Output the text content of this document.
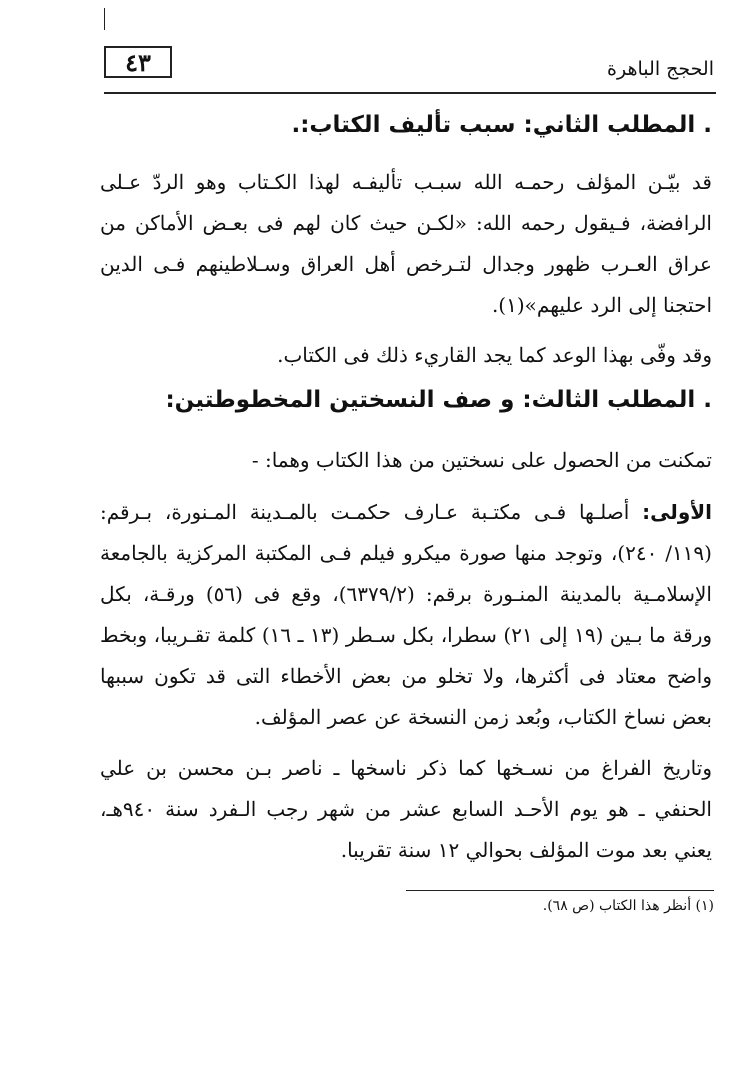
٤٣	الحجج الباهرة
. المطلب الثاني: سبب تأليف الكتاب:.

قد بيّـن المؤلف رحمـه الله سبـب تأليفـه لهذا الكـتاب وهو الردّ عـلى الرافضة، فـيقول رحمه الله: «لكـن حيث كان لهم فى بعـض الأماكن من عراق العـرب ظهور وجدال لتـرخص أهل العراق وسـلاطينهم فـى الدين احتجنا إلى الرد عليهم»(١).

وقد وفّى بهذا الوعد كما يجد القاريء ذلك فى الكتاب.

. المطلب الثالث: و صف النسختين المخطوطتين:

تمكنت من الحصول على نسختين من هذا الكتاب وهما: -

الأولى: أصلـها فـى مكتـبة عـارف حكمـت بالمـدينة المـنورة، بـرقم: (١١٩/ ٢٤٠)، وتوجد منها صورة ميكرو فيلم فـى المكتبة المركزية بالجامعة الإسلامـية بالمدينة المنـورة برقم: (٦٣٧٩/٢)، وقع فى (٥٦) ورقـة، بكل ورقة ما بـين (١٩ إلى ٢١) سطرا، بكل سـطر (١٣ ـ ١٦) كلمة تقـريبا، وبخط واضح معتاد فى أكثرها، ولا تخلو من بعض الأخطاء التى قد تكون سببها بعض نساخ الكتاب، وبُعد زمن النسخة عن عصر المؤلف.

وتاريخ الفراغ من نسـخها كما ذكر ناسخها ـ ناصر بـن محسن بن علي الحنفي ـ هو يوم الأحـد السابع عشر من شهر رجب الـفرد سنة ٩٤٠هـ، يعني بعد موت المؤلف بحوالي ١٢ سنة تقريبا.

(١) أنظر هذا الكتاب (ص ٦٨).
